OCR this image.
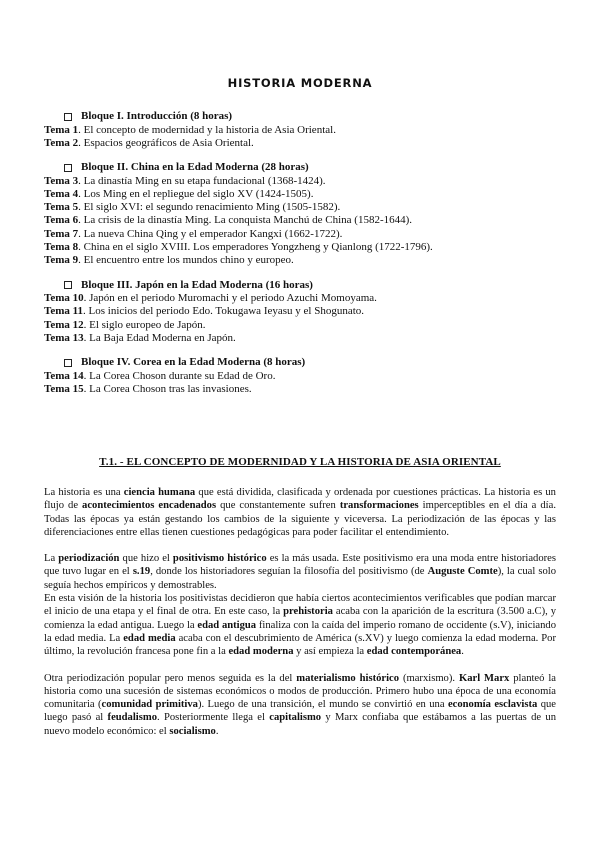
HISTORIA MODERNA
Bloque I. Introducción (8 horas)
Tema 1. El concepto de modernidad y la historia de Asia Oriental.
Tema 2. Espacios geográficos de Asia Oriental.
Bloque II. China en la Edad Moderna (28 horas)
Tema 3. La dinastía Ming en su etapa fundacional (1368-1424).
Tema 4. Los Ming en el repliegue del siglo XV (1424-1505).
Tema 5. El siglo XVI: el segundo renacimiento Ming (1505-1582).
Tema 6. La crisis de la dinastía Ming. La conquista Manchú de China (1582-1644).
Tema 7. La nueva China Qing y el emperador Kangxi (1662-1722).
Tema 8. China en el siglo XVIII. Los emperadores Yongzheng y Qianlong (1722-1796).
Tema 9. El encuentro entre los mundos chino y europeo.
Bloque III. Japón en la Edad Moderna (16 horas)
Tema 10. Japón en el periodo Muromachi y el periodo Azuchi Momoyama.
Tema 11. Los inicios del periodo Edo. Tokugawa Ieyasu y el Shogunato.
Tema 12. El siglo europeo de Japón.
Tema 13. La Baja Edad Moderna en Japón.
Bloque IV. Corea en la Edad Moderna (8 horas)
Tema 14. La Corea Choson durante su Edad de Oro.
Tema 15. La Corea Choson tras las invasiones.
T.1. - EL CONCEPTO DE MODERNIDAD Y LA HISTORIA DE ASIA ORIENTAL

La historia es una ciencia humana que está dividida, clasificada y ordenada por cuestiones prácticas. La historia es un flujo de acontecimientos encadenados que constantemente sufren transformaciones imperceptibles en el día a día. Todas las épocas ya están gestando los cambios de la siguiente y viceversa. La periodización de las épocas y las diferenciaciones entre ellas tienen cuestiones pedagógicas para poder facilitar el entendimiento.

La periodización que hizo el positivismo histórico es la más usada. Este positivismo era una moda entre historiadores que tuvo lugar en el s.19, donde los historiadores seguían la filosofía del positivismo (de Auguste Comte), la cual solo seguía hechos empíricos y demostrables.

En esta visión de la historia los positivistas decidieron que había ciertos acontecimientos verificables que podían marcar el inicio de una etapa y el final de otra. En este caso, la prehistoria acaba con la aparición de la escritura (3.500 a.C), y comienza la edad antigua. Luego la edad antigua finaliza con la caída del imperio romano de occidente (s.V), iniciando la edad media. La edad media acaba con el descubrimiento de América (s.XV) y luego comienza la edad moderna. Por último, la revolución francesa pone fin a la edad moderna y así empieza la edad contemporánea.

Otra periodización popular pero menos seguida es la del materialismo histórico (marxismo). Karl Marx planteó la historia como una sucesión de sistemas económicos o modos de producción. Primero hubo una época de una economía comunitaria (comunidad primitiva). Luego de una transición, el mundo se convirtió en una economía esclavista que luego pasó al feudalismo. Posteriormente llega el capitalismo y Marx confiaba que estábamos a las puertas de un nuevo modelo económico: el socialismo.
